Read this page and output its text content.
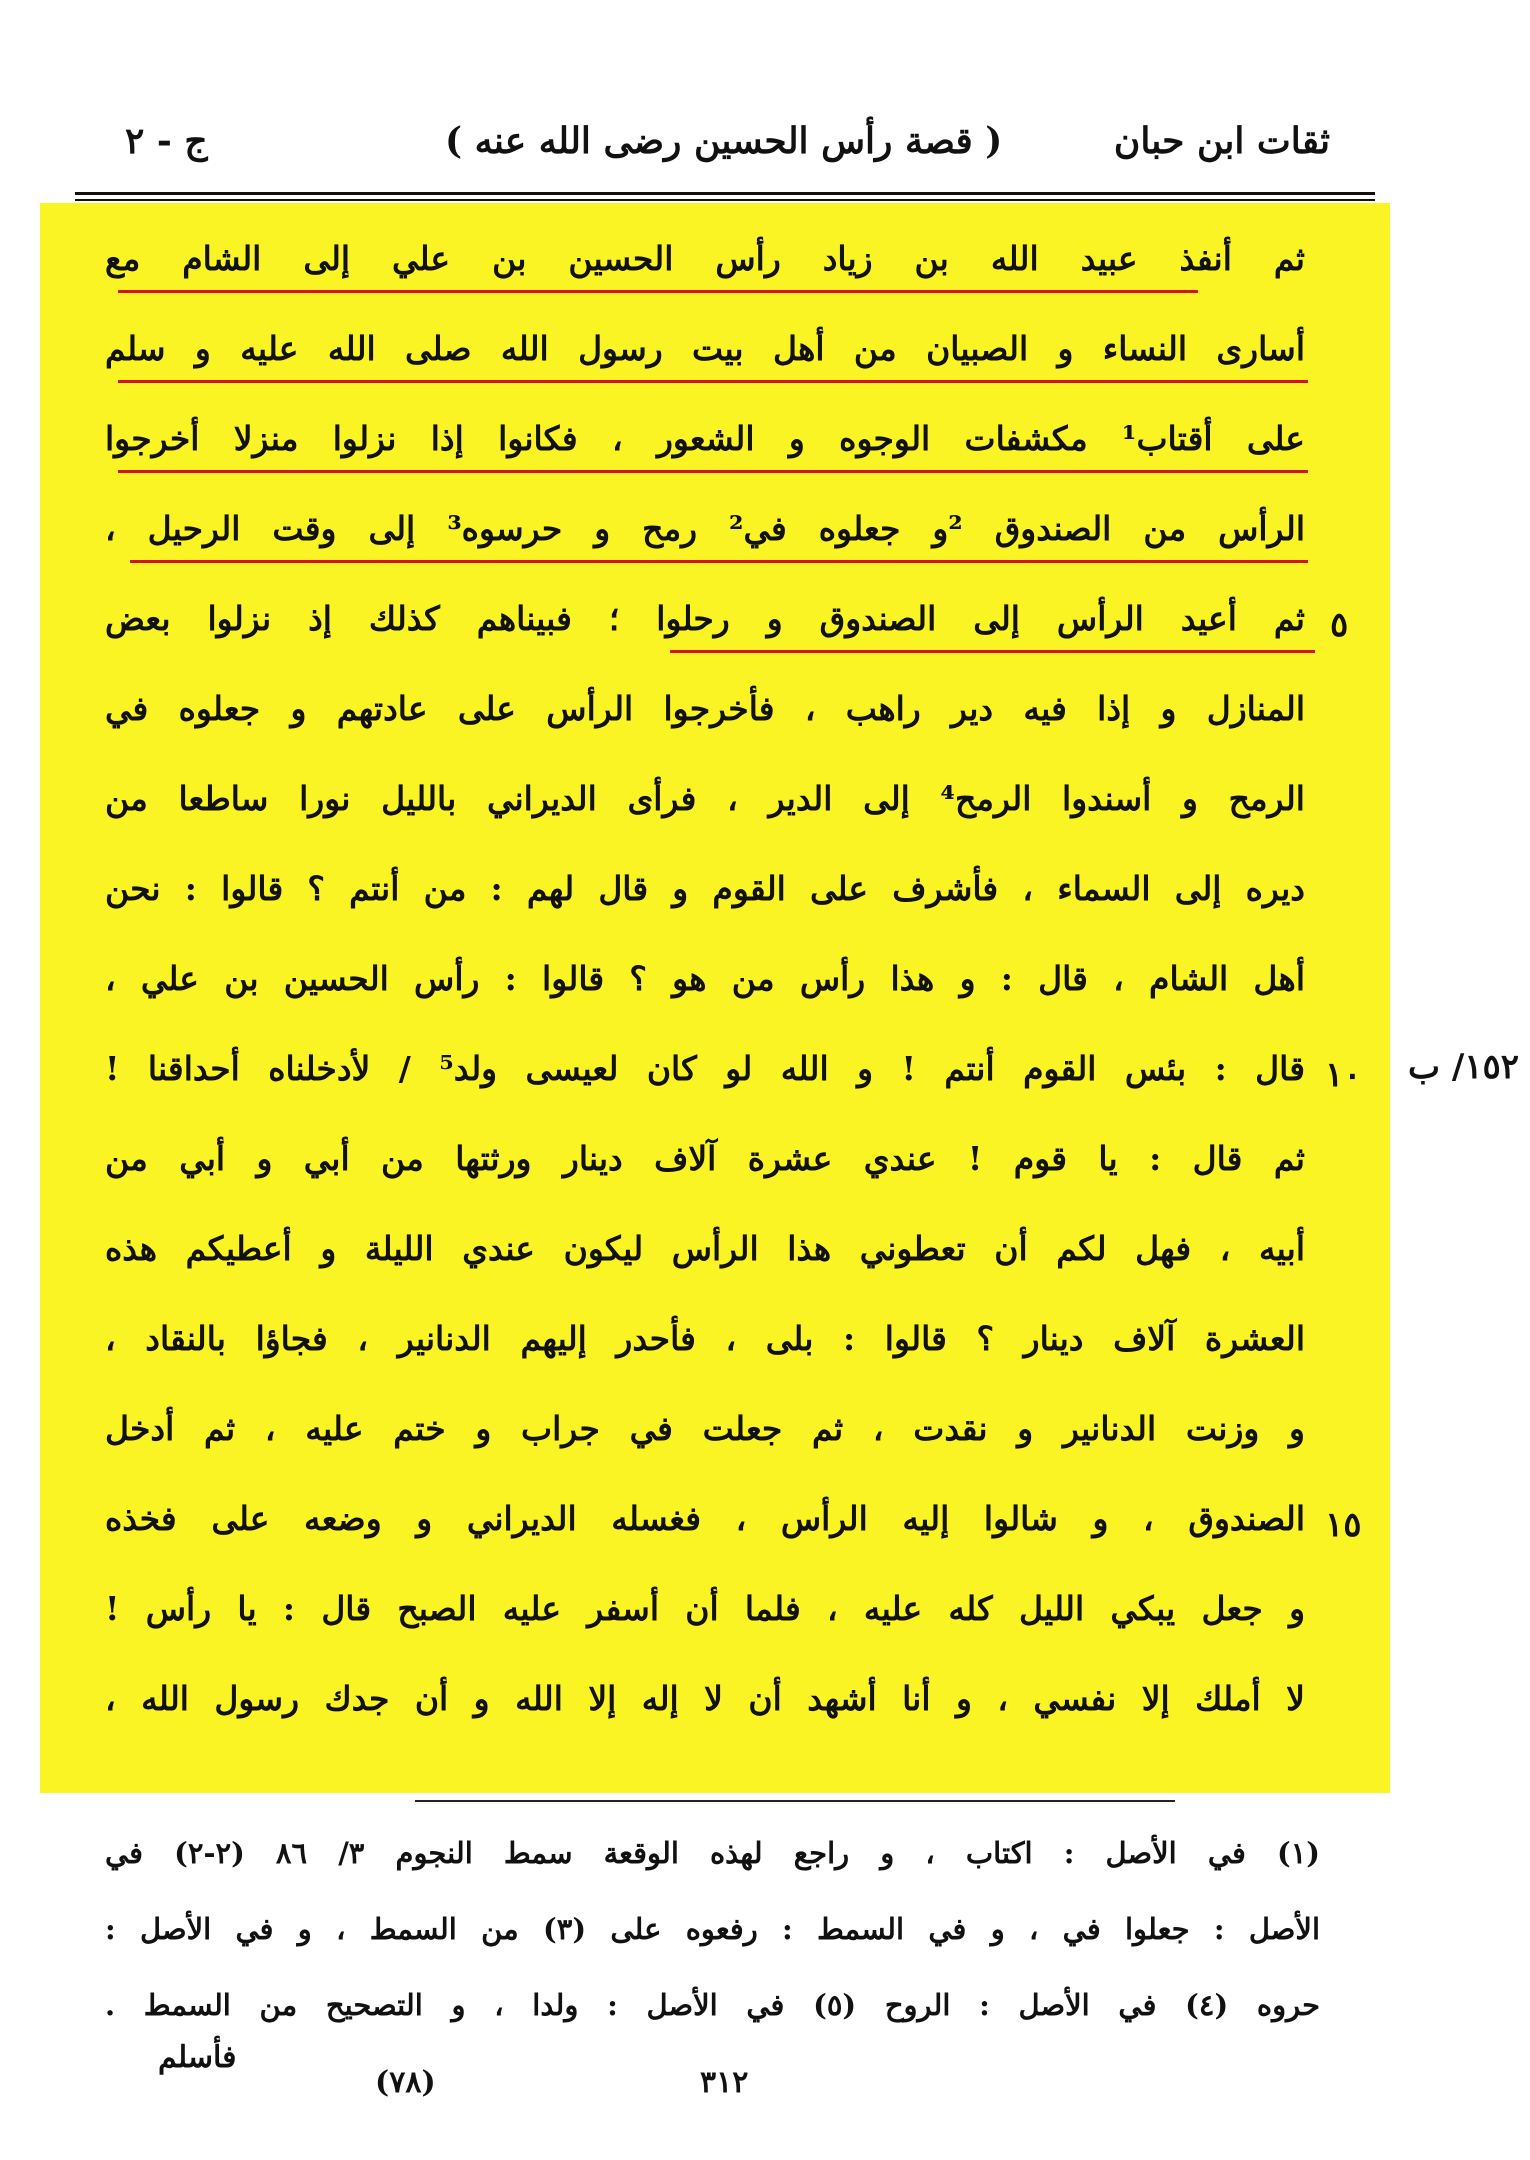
ثقات ابن حبان
( قصة رأس الحسين رضى الله عنه )
ج - ٢
ثم أنفذ عبيد الله بن زياد رأس الحسين بن علي إلى الشام مع
أسارى النساء و الصبيان من أهل بيت رسول الله صلى الله عليه و سلم
على أقتاب¹ مكشفات الوجوه و الشعور ، فكانوا إذا نزلوا منزلا أخرجوا
الرأس من الصندوق ²و جعلوه في² رمح و حرسوه³ إلى وقت الرحيل ،
ثم أعيد الرأس إلى الصندوق و رحلوا ؛ فبيناهم كذلك إذ نزلوا بعض
المنازل و إذا فيه دير راهب ، فأخرجوا الرأس على عادتهم و جعلوه في
الرمح و أسندوا الرمح⁴ إلى الدير ، فرأى الديراني بالليل نورا ساطعا من
ديره إلى السماء ، فأشرف على القوم و قال لهم : من أنتم ؟ قالوا : نحن
أهل الشام ، قال : و هذا رأس من هو ؟ قالوا : رأس الحسين بن علي ،
قال : بئس القوم أنتم ! و الله لو كان لعيسى ولد⁵ / لأدخلناه أحداقنا !
ثم قال : يا قوم ! عندي عشرة آلاف دينار ورثتها من أبي و أبي من
أبيه ، فهل لكم أن تعطوني هذا الرأس ليكون عندي الليلة و أعطيكم هذه
العشرة آلاف دينار ؟ قالوا : بلى ، فأحدر إليهم الدنانير ، فجاؤا بالنقاد ،
و وزنت الدنانير و نقدت ، ثم جعلت في جراب و ختم عليه ، ثم أدخل
الصندوق ، و شالوا إليه الرأس ، فغسله الديراني و وضعه على فخذه
و جعل يبكي الليل كله عليه ، فلما أن أسفر عليه الصبح قال : يا رأس !
لا أملك إلا نفسي ، و أنا أشهد أن لا إله إلا الله و أن جدك رسول الله ،
٥
١٠
١٥
١٥٢/ ب
(١) في الأصل : اكتاب ، و راجع لهذه الوقعة سمط النجوم ٣/ ٨٦ (٢-٢) في
الأصل : جعلوا في ، و في السمط : رفعوه على (٣) من السمط ، و في الأصل :
حروه (٤) في الأصل : الروح (٥) في الأصل : ولدا ، و التصحيح من السمط .
٣١٢
(٧٨)
فأسلم
